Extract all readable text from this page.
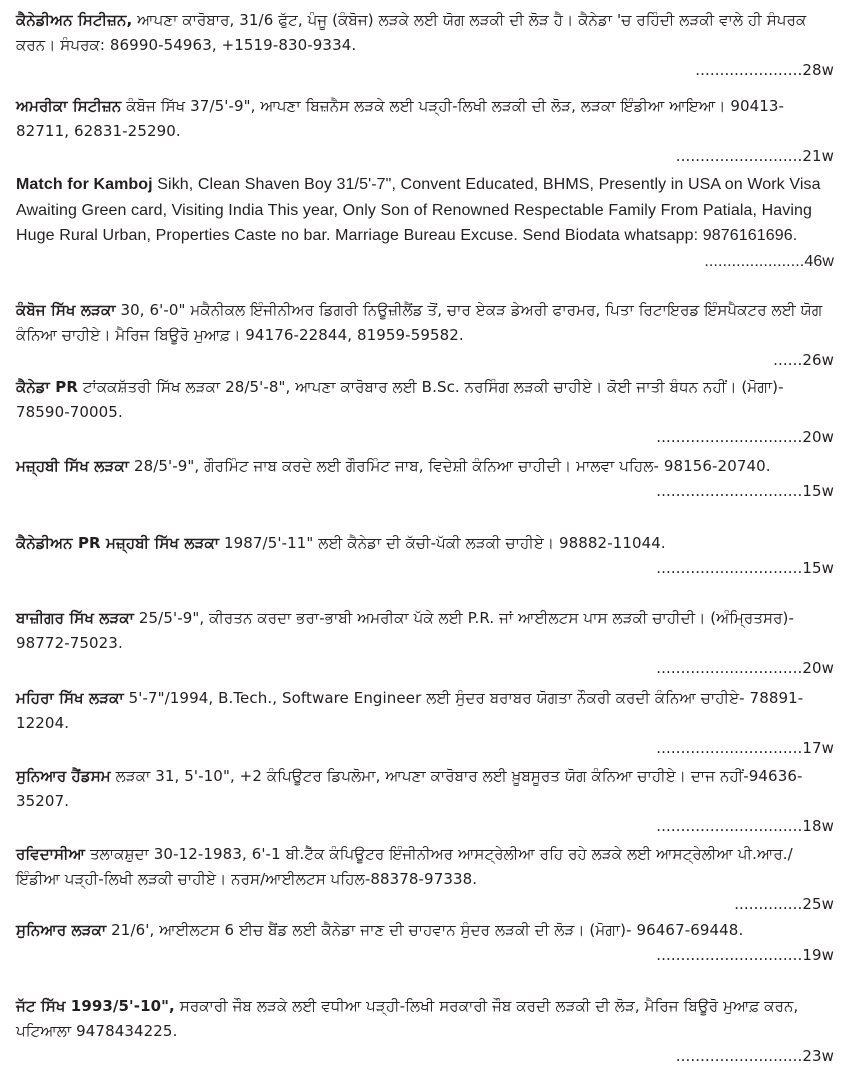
ਕੈਨੇਡੀਅਨ ਸਿਟੀਜ਼ਨ, ਆਪਣਾ ਕਾਰੋਬਾਰ, 31/6 ਫੁੱਟ, ਪੰਜੂ (ਕੰਬੋਜ) ਲੜਕੇ ਲਈ ਯੋਗ ਲੜਕੀ ਦੀ ਲੋੜ ਹੈ। ਕੈਨੇਡਾ 'ਚ ਰਹਿੰਦੀ ਲੜਕੀ ਵਾਲੇ ਹੀ ਸੰਪਰਕ ਕਰਨ। ਸੰਪਰਕ: 86990-54963, +1519-830-9334.

......................28w

ਅਮਰੀਕਾ ਸਿਟੀਜ਼ਨ ਕੰਬੋਜ ਸਿੱਖ 37/5'-9", ਆਪਣਾ ਬਿਜ਼ਨੈਸ ਲੜਕੇ ਲਈ ਪੜ੍ਹੀ-ਲਿਖੀ ਲੜਕੀ ਦੀ ਲੋੜ, ਲੜਕਾ ਇੰਡੀਆ ਆਇਆ। 90413-82711, 62831-25290.

..........................21w

Match for Kamboj Sikh, Clean Shaven Boy 31/5'-7", Convent Educated, BHMS, Presently in USA on Work Visa Awaiting Green card, Visiting India This year, Only Son of Renowned Respectable Family From Patiala, Having Huge Rural Urban, Properties Caste no bar. Marriage Bureau Excuse. Send Biodata whatsapp: 9876161696.

......................46w

ਕੰਬੋਜ ਸਿੱਖ ਲੜਕਾ 30, 6'-0" ਮਕੈਨੀਕਲ ਇੰਜੀਨੀਅਰ ਡਿਗਰੀ ਨਿਊਜ਼ੀਲੈਂਡ ਤੋਂ, ਚਾਰ ਏਕੜ ਡੇਅਰੀ ਫਾਰਮਰ, ਪਿਤਾ ਰਿਟਾਇਰਡ ਇੰਸਪੈਕਟਰ ਲਈ ਯੋਗ ਕੰਨਿਆ ਚਾਹੀਏ। ਮੈਰਿਜ ਬਿਊਰੋ ਮੁਆਫ਼। 94176-22844, 81959-59582.

......26w

ਕੈਨੇਡਾ PR ਟਾਂਕਕਸ਼ੱਤਰੀ ਸਿੱਖ ਲੜਕਾ 28/5'-8", ਆਪਣਾ ਕਾਰੋਬਾਰ ਲਈ B.Sc. ਨਰਸਿੰਗ ਲੜਕੀ ਚਾਹੀਏ। ਕੋਈ ਜਾਤੀ ਬੰਧਨ ਨਹੀਂ। (ਮੋਗਾ)- 78590-70005.

..............................20w

ਮਜ਼੍ਹਬੀ ਸਿੱਖ ਲੜਕਾ 28/5'-9", ਗੌਰਮਿੰਟ ਜਾਬ ਕਰਦੇ ਲਈ ਗੌਰਮਿੰਟ ਜਾਬ, ਵਿਦੇਸ਼ੀ ਕੰਨਿਆ ਚਾਹੀਦੀ। ਮਾਲਵਾ ਪਹਿਲ- 98156-20740.

..............................15w

ਕੈਨੇਡੀਅਨ PR ਮਜ਼੍ਹਬੀ ਸਿੱਖ ਲੜਕਾ 1987/5'-11" ਲਈ ਕੈਨੇਡਾ ਦੀ ਕੱਚੀ-ਪੱਕੀ ਲੜਕੀ ਚਾਹੀਏ। 98882-11044.

..............................15w

ਬਾਜ਼ੀਗਰ ਸਿੱਖ ਲੜਕਾ 25/5'-9", ਕੀਰਤਨ ਕਰਦਾ ਭਰਾ-ਭਾਬੀ ਅਮਰੀਕਾ ਪੱਕੇ ਲਈ P.R. ਜਾਂ ਆਈਲਟਸ ਪਾਸ ਲੜਕੀ ਚਾਹੀਦੀ। (ਅੰਮ੍ਰਿਤਸਰ)- 98772-75023.

..............................20w

ਮਹਿਰਾ ਸਿੱਖ ਲੜਕਾ 5'-7"/1994, B.Tech., Software Engineer ਲਈ ਸੁੰਦਰ ਬਰਾਬਰ ਯੋਗਤਾ ਨੌਕਰੀ ਕਰਦੀ ਕੰਨਿਆ ਚਾਹੀਏ- 78891-12204.

..............................17w

ਸੁਨਿਆਰ ਹੈਂਡਸਮ ਲੜਕਾ 31, 5'-10", +2 ਕੰਪਿਊਟਰ ਡਿਪਲੋਮਾ, ਆਪਣਾ ਕਾਰੋਬਾਰ ਲਈ ਖ਼ੂਬਸੂਰਤ ਯੋਗ ਕੰਨਿਆ ਚਾਹੀਏ। ਦਾਜ ਨਹੀਂ-94636-35207.

..............................18w

ਰਵਿਦਾਸੀਆ ਤਲਾਕਸ਼ੁਦਾ 30-12-1983, 6'-1 ਬੀ.ਟੈੱਕ ਕੰਪਿਊਟਰ ਇੰਜੀਨੀਅਰ ਆਸਟ੍ਰੇਲੀਆ ਰਹਿ ਰਹੇ ਲੜਕੇ ਲਈ ਆਸਟ੍ਰੇਲੀਆ ਪੀ.ਆਰ./ਇੰਡੀਆ ਪੜ੍ਹੀ-ਲਿਖੀ ਲੜਕੀ ਚਾਹੀਏ। ਨਰਸ/ਆਈਲਟਸ ਪਹਿਲ-88378-97338.

..............25w

ਸੁਨਿਆਰ ਲੜਕਾ 21/6', ਆਈਲਟਸ 6 ਈਚ ਬੈਂਡ ਲਈ ਕੈਨੇਡਾ ਜਾਣ ਦੀ ਚਾਹਵਾਨ ਸੁੰਦਰ ਲੜਕੀ ਦੀ ਲੋੜ। (ਮੋਗਾ)- 96467-69448.

..............................19w

ਜੱਟ ਸਿੱਖ 1993/5'-10", ਸਰਕਾਰੀ ਜੌਬ ਲੜਕੇ ਲਈ ਵਧੀਆ ਪੜ੍ਹੀ-ਲਿਖੀ ਸਰਕਾਰੀ ਜੌਬ ਕਰਦੀ ਲੜਕੀ ਦੀ ਲੋੜ, ਮੈਰਿਜ ਬਿਊਰੋ ਮੁਆਫ਼ ਕਰਨ, ਪਟਿਆਲਾ 9478434225.

..........................23w
